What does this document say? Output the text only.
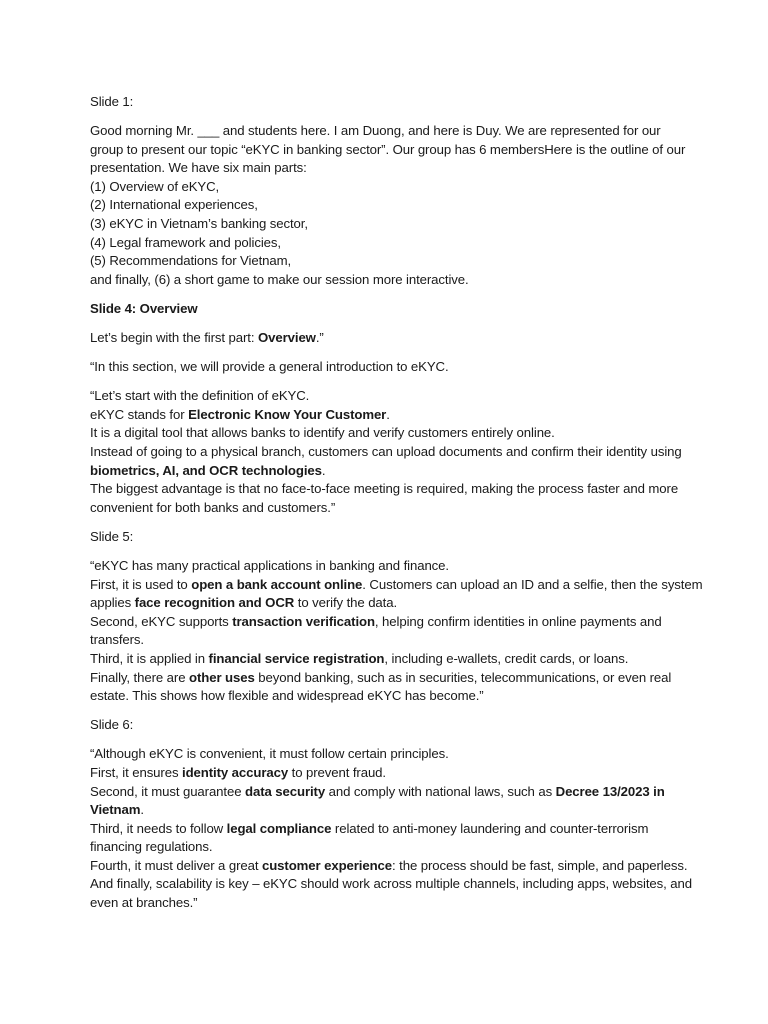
Slide 1:

Good morning Mr. ___ and students here. I am Duong, and here is Duy. We are represented for our
group to present our topic “eKYC in banking sector”. Our group has 6 membersHere is the outline of our
presentation. We have six main parts:
(1) Overview of eKYC,
(2) International experiences,
(3) eKYC in Vietnam’s banking sector,
(4) Legal framework and policies,
(5) Recommendations for Vietnam,
and finally, (6) a short game to make our session more interactive.

Slide 4: Overview

Let’s begin with the first part: Overview.”

“In this section, we will provide a general introduction to eKYC.

“Let’s start with the definition of eKYC.
eKYC stands for Electronic Know Your Customer.
It is a digital tool that allows banks to identify and verify customers entirely online.
Instead of going to a physical branch, customers can upload documents and confirm their identity using
biometrics, AI, and OCR technologies.
The biggest advantage is that no face-to-face meeting is required, making the process faster and more
convenient for both banks and customers.”

Slide 5:

“eKYC has many practical applications in banking and finance.
First, it is used to open a bank account online. Customers can upload an ID and a selfie, then the system
applies face recognition and OCR to verify the data.
Second, eKYC supports transaction verification, helping confirm identities in online payments and
transfers.
Third, it is applied in financial service registration, including e-wallets, credit cards, or loans.
Finally, there are other uses beyond banking, such as in securities, telecommunications, or even real
estate. This shows how flexible and widespread eKYC has become.”

Slide 6:

“Although eKYC is convenient, it must follow certain principles.
First, it ensures identity accuracy to prevent fraud.
Second, it must guarantee data security and comply with national laws, such as Decree 13/2023 in
Vietnam.
Third, it needs to follow legal compliance related to anti-money laundering and counter-terrorism
financing regulations.
Fourth, it must deliver a great customer experience: the process should be fast, simple, and paperless.
And finally, scalability is key – eKYC should work across multiple channels, including apps, websites, and
even at branches.”
